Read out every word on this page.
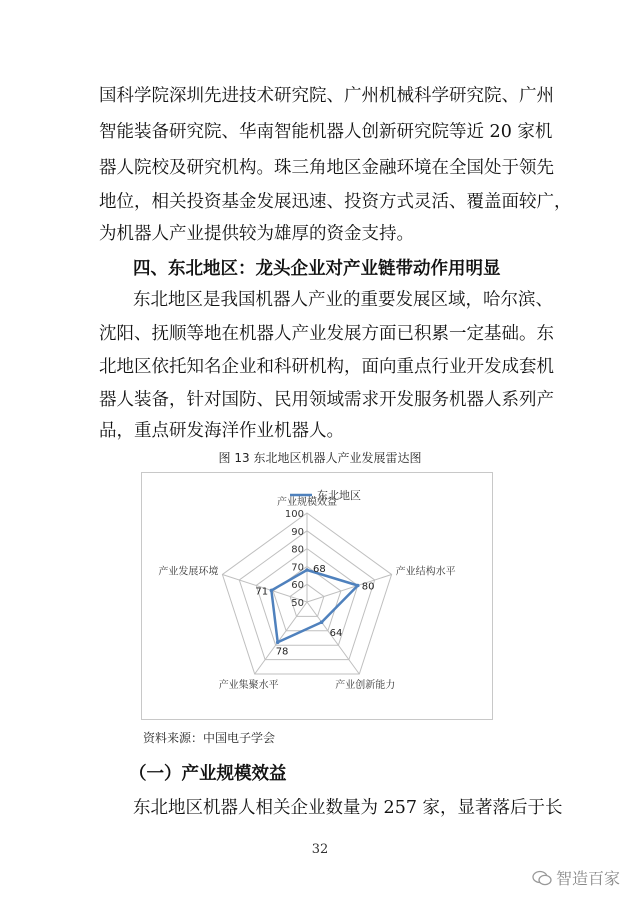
国科学院深圳先进技术研究院、广州机械科学研究院、广州
智能装备研究院、华南智能机器人创新研究院等近 20 家机
器人院校及研究机构。珠三角地区金融环境在全国处于领先
地位，相关投资基金发展迅速、投资方式灵活、覆盖面较广，
为机器人产业提供较为雄厚的资金支持。
四、东北地区：龙头企业对产业链带动作用明显
东北地区是我国机器人产业的重要发展区域，哈尔滨、
沈阳、抚顺等地在机器人产业发展方面已积累一定基础。东
北地区依托知名企业和科研机构，面向重点行业开发成套机
器人装备，针对国防、民用领域需求开发服务机器人系列产
品，重点研发海洋作业机器人。
图 13 东北地区机器人产业发展雷达图
东北地区
50
60
70
80
90
100
产业规模效益
产业结构水平
产业创新能力
产业集聚水平
产业发展环境	68
80
64
78
71
资料来源：中国电子学会
（一）产业规模效益
东北地区机器人相关企业数量为 257 家，显著落后于长
32
智造百家
